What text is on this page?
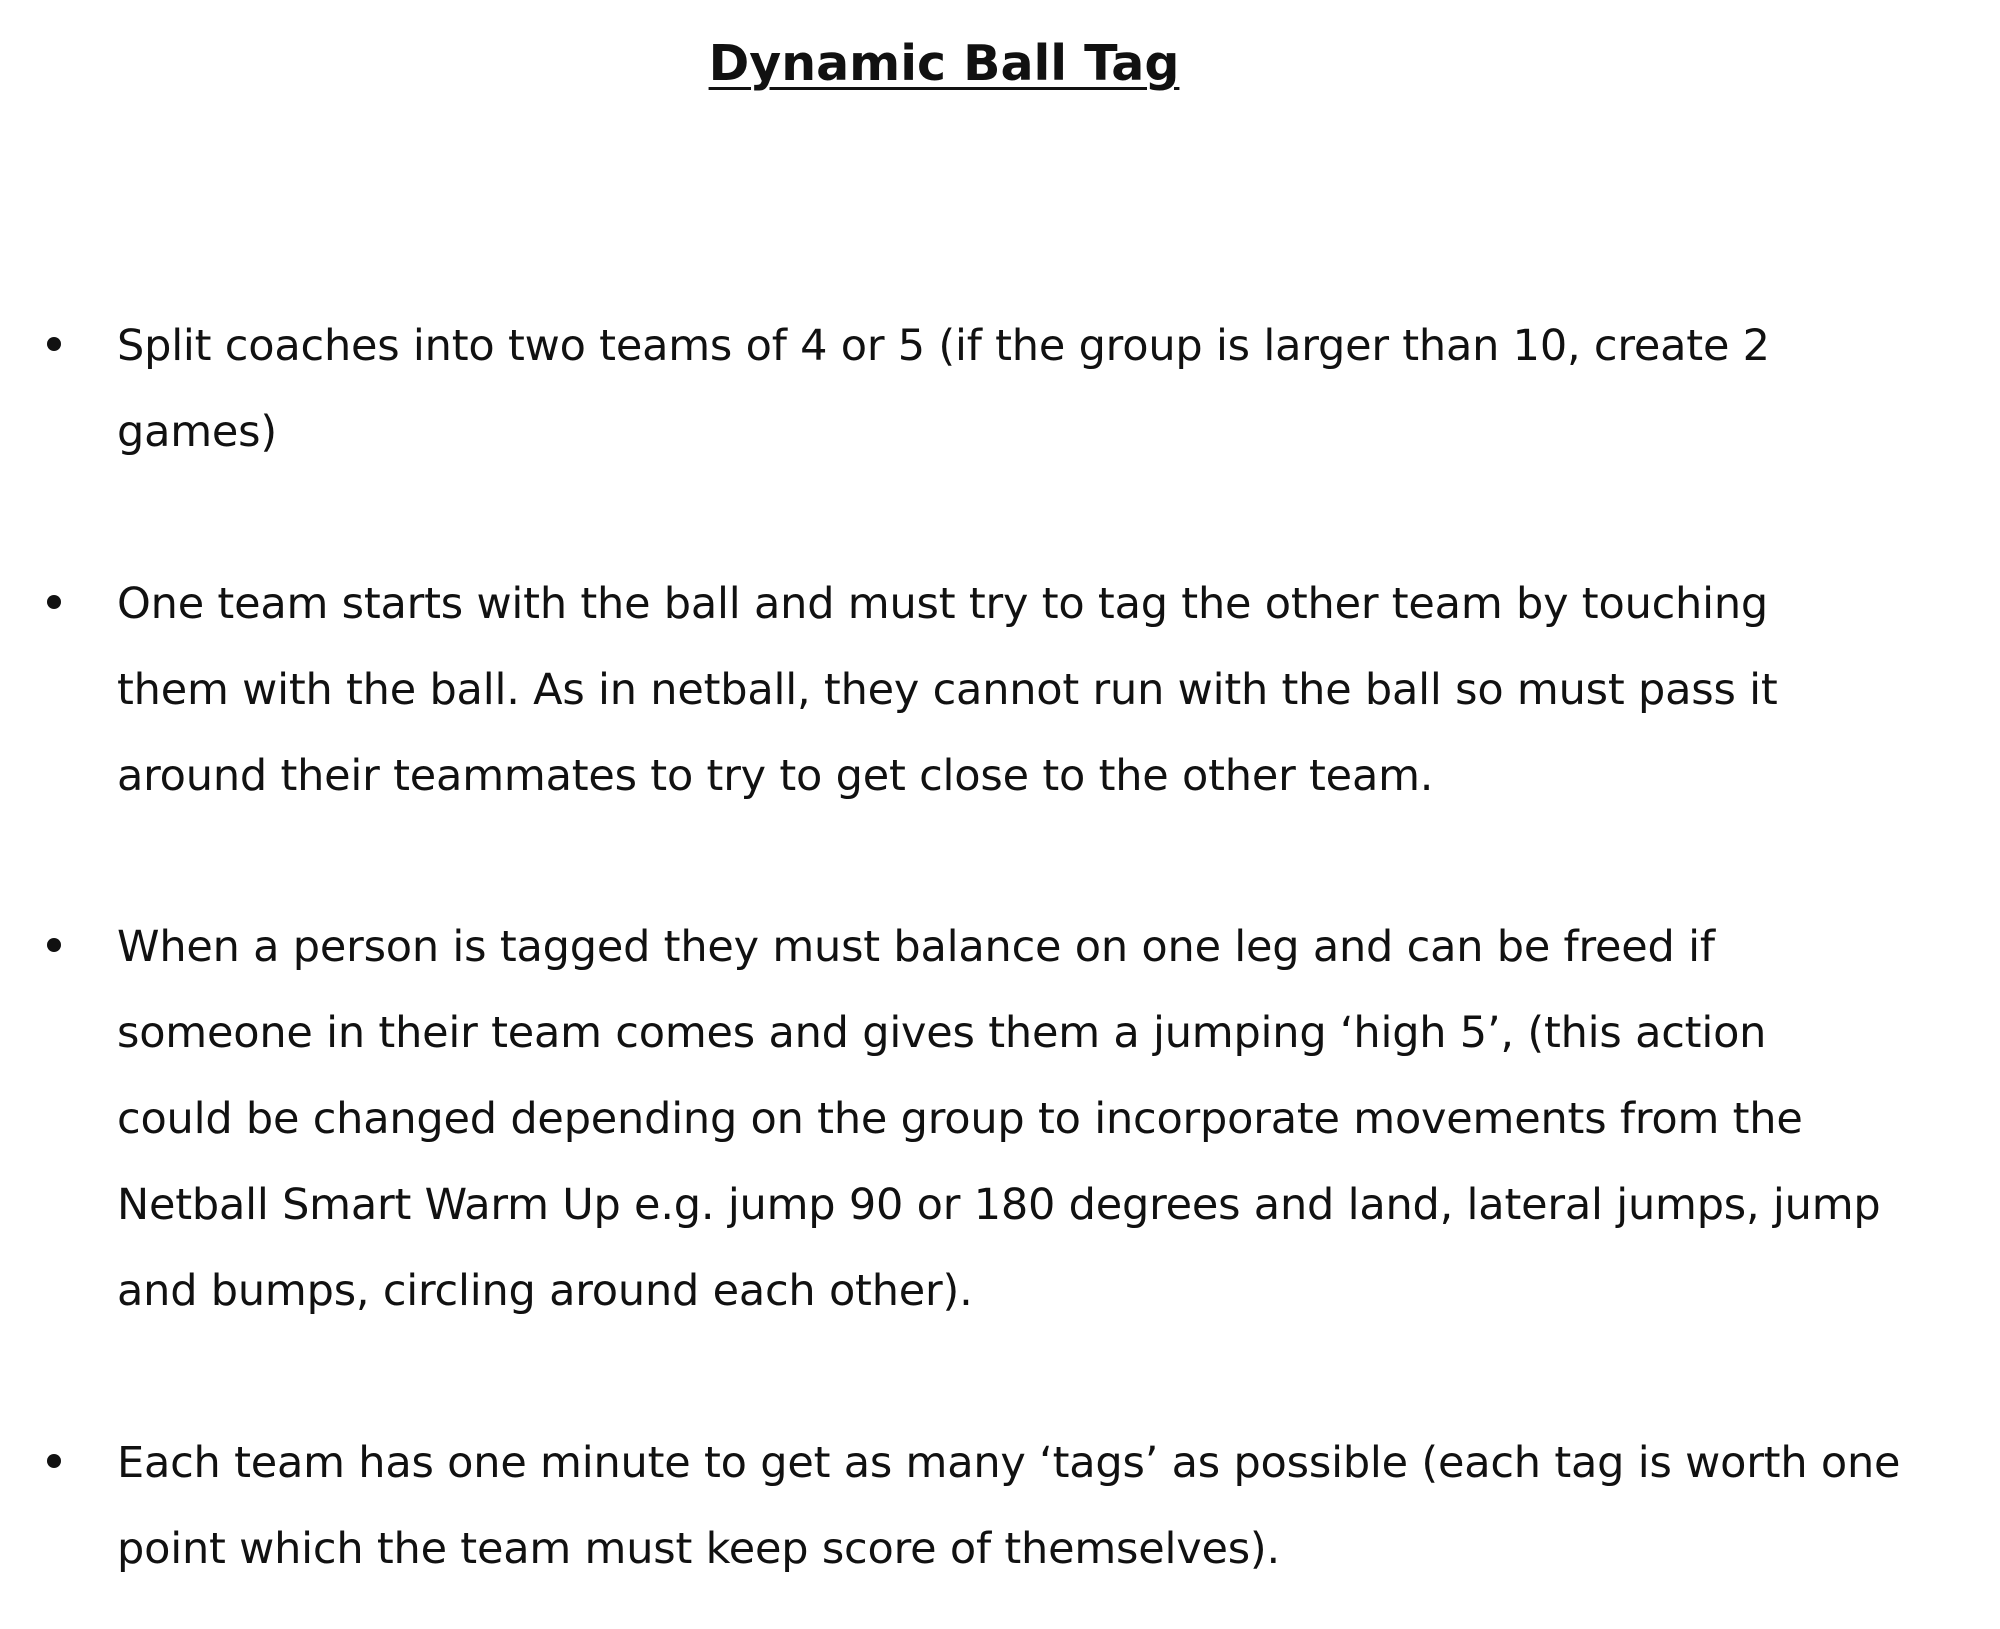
Dynamic Ball Tag
Split coaches into two teams of 4 or 5 (if the group is larger than 10, create 2 games)
One team starts with the ball and must try to tag the other team by touching them with the ball. As in netball, they cannot run with the ball so must pass it around their teammates to try to get close to the other team.
When a person is tagged they must balance on one leg and can be freed if someone in their team comes and gives them a jumping ‘high 5’, (this action could be changed depending on the group to incorporate movements from the Netball Smart Warm Up e.g. jump 90 or 180 degrees and land, lateral jumps, jump and bumps, circling around each other).
Each team has one minute to get as many ‘tags’ as possible (each tag is worth one point which the team must keep score of themselves).
